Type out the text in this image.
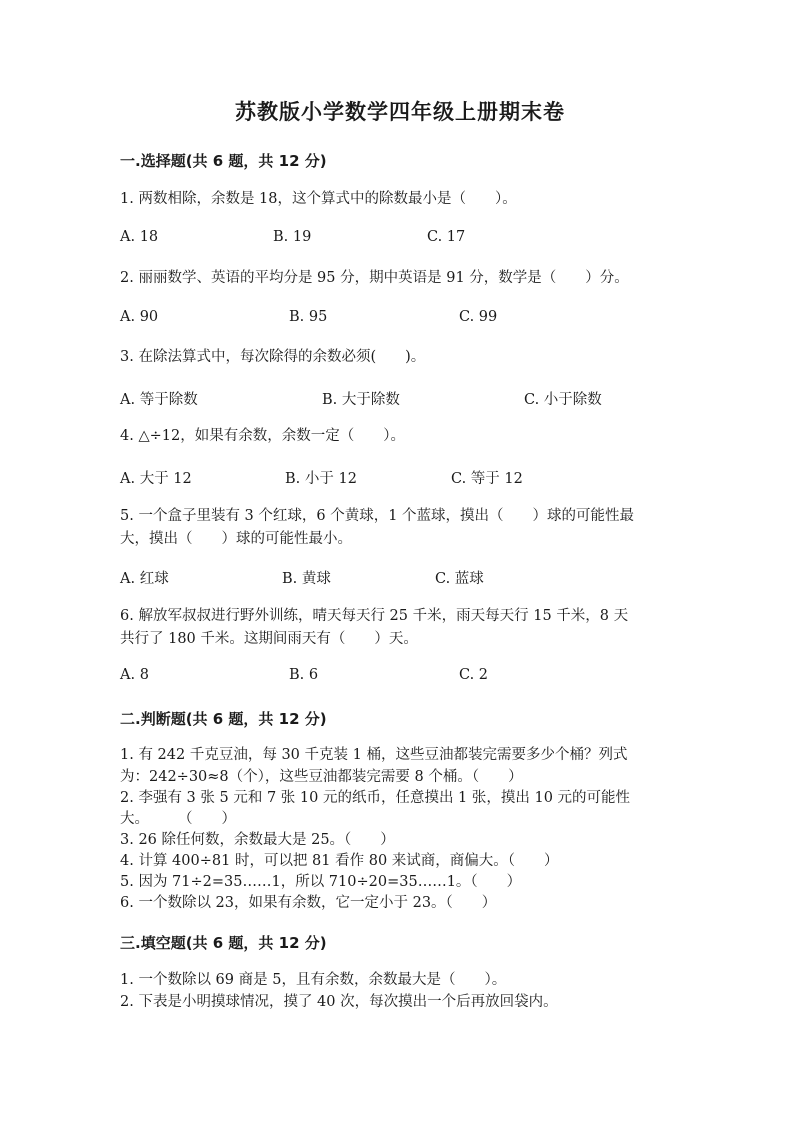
苏教版小学数学四年级上册期末卷
一.选择题(共 6 题，共 12 分)
1. 两数相除，余数是 18，这个算式中的除数最小是（　　）。
A. 18	B. 19	C. 17
2. 丽丽数学、英语的平均分是 95 分，期中英语是 91 分，数学是（　　）分。
A. 90	B. 95	C. 99
3. 在除法算式中，每次除得的余数必须(　　)。
A. 等于除数	B. 大于除数	C. 小于除数
4. △÷12，如果有余数，余数一定（　　）。
A. 大于 12	B. 小于 12	C. 等于 12
5. 一个盒子里装有 3 个红球，6 个黄球，1 个蓝球，摸出（　　）球的可能性最
大，摸出（　　）球的可能性最小。
A. 红球	B. 黄球	C. 蓝球
6. 解放军叔叔进行野外训练，晴天每天行 25 千米，雨天每天行 15 千米，8 天
共行了 180 千米。这期间雨天有（　　）天。
A. 8	B. 6	C. 2
二.判断题(共 6 题，共 12 分)
1. 有 242 千克豆油，每 30 千克装 1 桶，这些豆油都装完需要多少个桶？列式
为：242÷30≈8（个），这些豆油都装完需要 8 个桶。（　　）
2. 李强有 3 张 5 元和 7 张 10 元的纸币，任意摸出 1 张，摸出 10 元的可能性
大。　　　（　　）
3. 26 除任何数，余数最大是 25。（　　）
4. 计算 400÷81 时，可以把 81 看作 80 来试商，商偏大。（　　）
5. 因为 71÷2=35……1，所以 710÷20=35……1。（　　）
6. 一个数除以 23，如果有余数，它一定小于 23。（　　）
三.填空题(共 6 题，共 12 分)
1. 一个数除以 69 商是 5，且有余数，余数最大是（　　）。
2. 下表是小明摸球情况，摸了 40 次，每次摸出一个后再放回袋内。
